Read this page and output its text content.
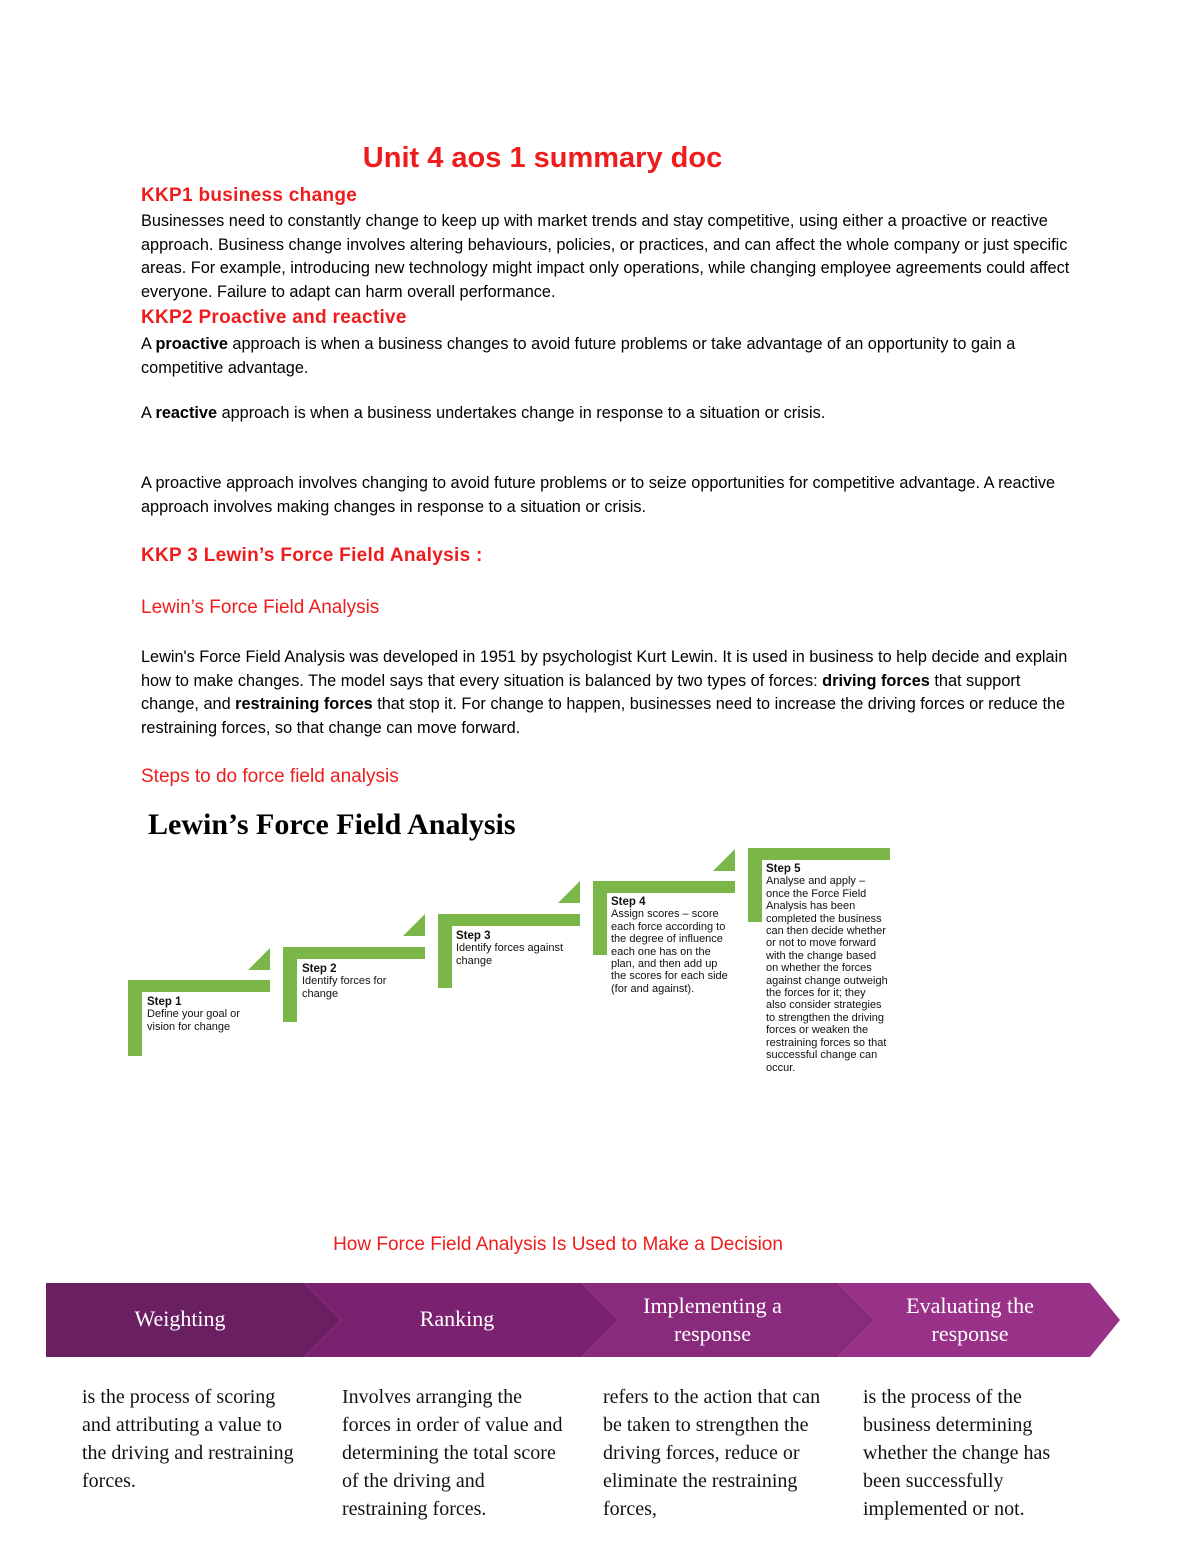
Unit 4 aos 1 summary doc
KKP1 business change
Businesses need to constantly change to keep up with market trends and stay competitive, using either a proactive or reactive approach. Business change involves altering behaviours, policies, or practices, and can affect the whole company or just specific areas. For example, introducing new technology might impact only operations, while changing employee agreements could affect everyone. Failure to adapt can harm overall performance.
KKP2 Proactive and reactive
A proactive approach is when a business changes to avoid future problems or take advantage of an opportunity to gain a competitive advantage.
A reactive approach is when a business undertakes change in response to a situation or crisis.
A proactive approach involves changing to avoid future problems or to seize opportunities for competitive advantage. A reactive approach involves making changes in response to a situation or crisis.
KKP 3 Lewin’s Force Field Analysis :
Lewin’s Force Field Analysis
Lewin's Force Field Analysis was developed in 1951 by psychologist Kurt Lewin. It is used in business to help decide and explain how to make changes. The model says that every situation is balanced by two types of forces: driving forces that support change, and restraining forces that stop it. For change to happen, businesses need to increase the driving forces or reduce the restraining forces, so that change can move forward.
Steps to do force field analysis
Lewin’s Force Field Analysis
Step 1
Define your goal or vision for change
Step 2
Identify forces for change
Step 3
Identify forces against change
Step 4
Assign scores – score each force according to the degree of influence each one has on the plan, and then add up the scores for each side (for and against).
Step 5
Analyse and apply – once the Force Field Analysis has been completed the business can then decide whether or not to move forward with the change based on whether the forces against change outweigh the forces for it; they also consider strategies to strengthen the driving forces or weaken the restraining forces so that successful change can occur.
How Force Field Analysis Is Used to Make a Decision
Weighting	Ranking
Implementing a response
Evaluating the response
is the process of scoring and attributing a value to the driving and restraining forces.
Involves arranging the forces in order of value and determining the total score of the driving and restraining forces.
refers to the action that can be taken to strengthen the driving forces, reduce or eliminate the restraining forces,
is the process of the business determining whether the change has been successfully implemented or not.
